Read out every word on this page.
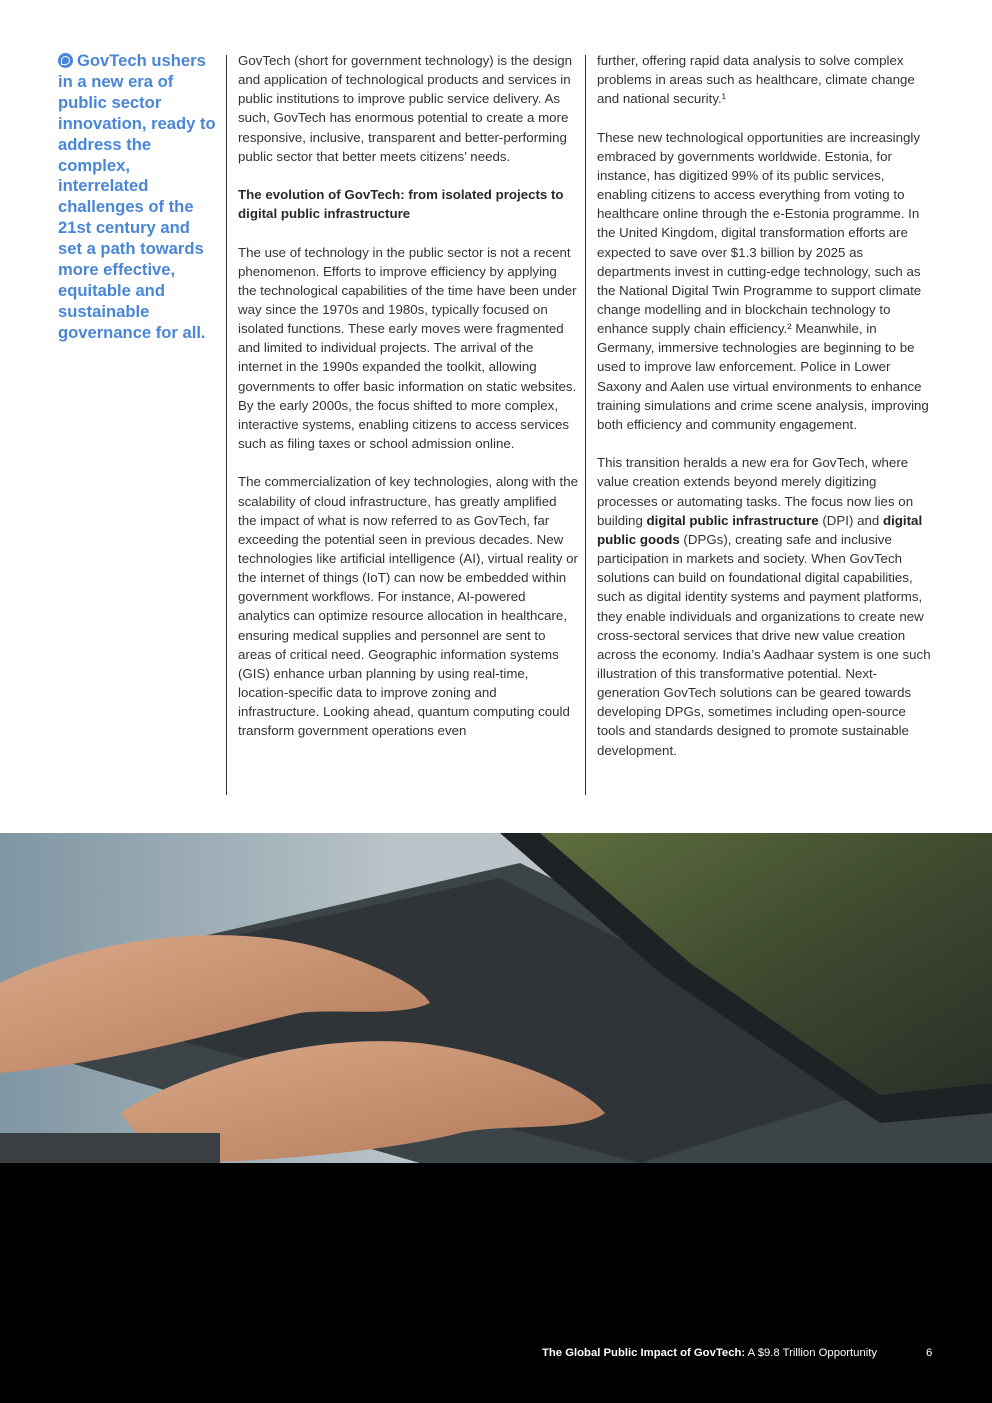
GovTech ushers in a new era of public sector innovation, ready to address the complex, interrelated challenges of the 21st century and set a path towards more effective, equitable and sustainable governance for all.

GovTech (short for government technology) is the design and application of technological products and services in public institutions to improve public service delivery. As such, GovTech has enormous potential to create a more responsive, inclusive, transparent and better-performing public sector that better meets citizens’ needs.

The evolution of GovTech: from isolated projects to digital public infrastructure

The use of technology in the public sector is not a recent phenomenon. Efforts to improve efficiency by applying the technological capabilities of the time have been under way since the 1970s and 1980s, typically focused on isolated functions. These early moves were fragmented and limited to individual projects. The arrival of the internet in the 1990s expanded the toolkit, allowing governments to offer basic information on static websites. By the early 2000s, the focus shifted to more complex, interactive systems, enabling citizens to access services such as filing taxes or school admission online.

The commercialization of key technologies, along with the scalability of cloud infrastructure, has greatly amplified the impact of what is now referred to as GovTech, far exceeding the potential seen in previous decades. New technologies like artificial intelligence (AI), virtual reality or the internet of things (IoT) can now be embedded within government workflows. For instance, AI-powered analytics can optimize resource allocation in healthcare, ensuring medical supplies and personnel are sent to areas of critical need. Geographic information systems (GIS) enhance urban planning by using real-time, location-specific data to improve zoning and infrastructure. Looking ahead, quantum computing could transform government operations even

further, offering rapid data analysis to solve complex problems in areas such as healthcare, climate change and national security.¹

These new technological opportunities are increasingly embraced by governments worldwide. Estonia, for instance, has digitized 99% of its public services, enabling citizens to access everything from voting to healthcare online through the e-Estonia programme. In the United Kingdom, digital transformation efforts are expected to save over $1.3 billion by 2025 as departments invest in cutting-edge technology, such as the National Digital Twin Programme to support climate change modelling and in blockchain technology to enhance supply chain efficiency.² Meanwhile, in Germany, immersive technologies are beginning to be used to improve law enforcement. Police in Lower Saxony and Aalen use virtual environments to enhance training simulations and crime scene analysis, improving both efficiency and community engagement.

This transition heralds a new era for GovTech, where value creation extends beyond merely digitizing processes or automating tasks. The focus now lies on building digital public infrastructure (DPI) and digital public goods (DPGs), creating safe and inclusive participation in markets and society. When GovTech solutions can build on foundational digital capabilities, such as digital identity systems and payment platforms, they enable individuals and organizations to create new cross-sectoral services that drive new value creation across the economy. India’s Aadhaar system is one such illustration of this transformative potential. Next-generation GovTech solutions can be geared towards developing DPGs, sometimes including open-source tools and standards designed to promote sustainable development.

The Global Public Impact of GovTech: A $9.8 Trillion Opportunity	6
